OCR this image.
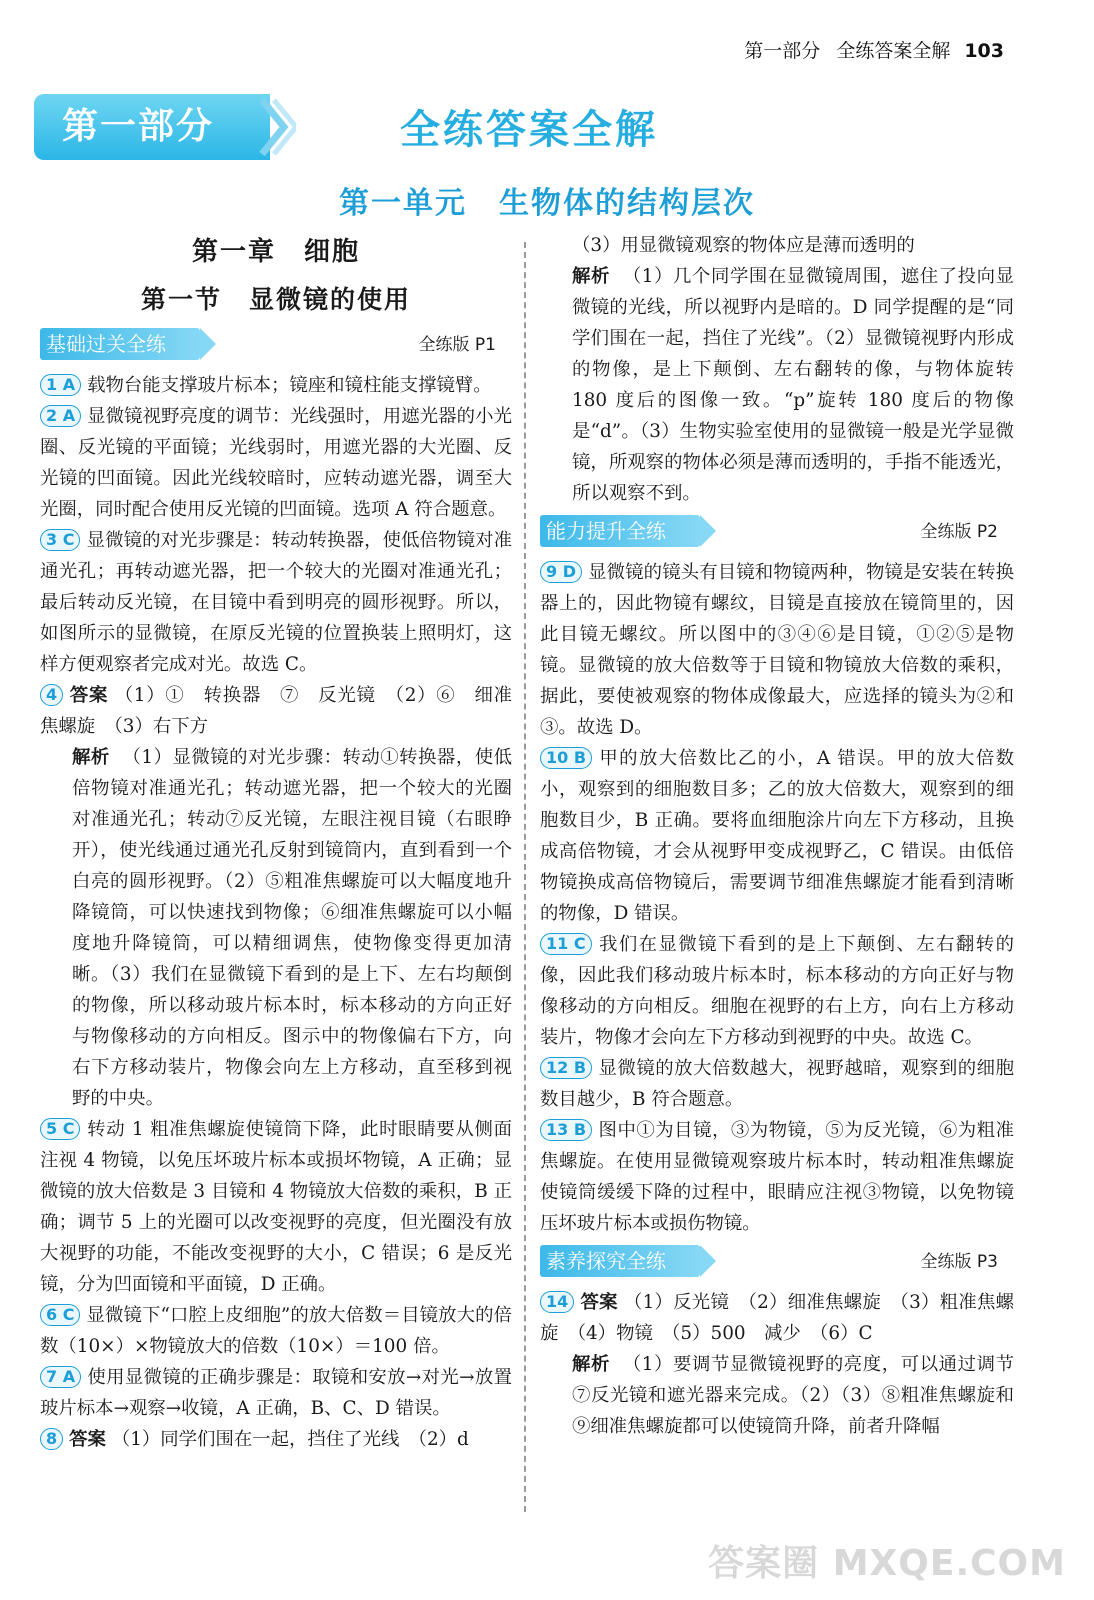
第一部分 全练答案全解 103
第一部分	全练答案全解
第一单元　生物体的结构层次
第一章　细胞
第一节　显微镜的使用
基础过关全练	全练版 P1
1 A 载物台能支撑玻片标本；镜座和镜柱能支撑镜臂。
2 A 显微镜视野亮度的调节：光线强时，用遮光器的小光圈、反光镜的平面镜；光线弱时，用遮光器的大光圈、反光镜的凹面镜。因此光线较暗时，应转动遮光器，调至大光圈，同时配合使用反光镜的凹面镜。选项 A 符合题意。
3 C 显微镜的对光步骤是：转动转换器，使低倍物镜对准通光孔；再转动遮光器，把一个较大的光圈对准通光孔；最后转动反光镜，在目镜中看到明亮的圆形视野。所以，如图所示的显微镜，在原反光镜的位置换装上照明灯，这样方便观察者完成对光。故选 C。
4 答案 （1）①　转换器　⑦　反光镜　（2）⑥　细准焦螺旋　（3）右下方
解析 （1）显微镜的对光步骤：转动①转换器，使低倍物镜对准通光孔；转动遮光器，把一个较大的光圈对准通光孔；转动⑦反光镜，左眼注视目镜（右眼睁开），使光线通过通光孔反射到镜筒内，直到看到一个白亮的圆形视野。（2）⑤粗准焦螺旋可以大幅度地升降镜筒，可以快速找到物像；⑥细准焦螺旋可以小幅度地升降镜筒，可以精细调焦，使物像变得更加清晰。（3）我们在显微镜下看到的是上下、左右均颠倒的物像，所以移动玻片标本时，标本移动的方向正好与物像移动的方向相反。图示中的物像偏右下方，向右下方移动装片，物像会向左上方移动，直至移到视野的中央。
5 C 转动 1 粗准焦螺旋使镜筒下降，此时眼睛要从侧面注视 4 物镜，以免压坏玻片标本或损坏物镜，A 正确；显微镜的放大倍数是 3 目镜和 4 物镜放大倍数的乘积，B 正确；调节 5 上的光圈可以改变视野的亮度，但光圈没有放大视野的功能，不能改变视野的大小，C 错误；6 是反光镜，分为凹面镜和平面镜，D 正确。
6 C 显微镜下“口腔上皮细胞”的放大倍数＝目镜放大的倍数（10×）×物镜放大的倍数（10×）＝100 倍。
7 A 使用显微镜的正确步骤是：取镜和安放→对光→放置玻片标本→观察→收镜，A 正确，B、C、D 错误。
8 答案 （1）同学们围在一起，挡住了光线　（2）d
（3）用显微镜观察的物体应是薄而透明的
解析 （1）几个同学围在显微镜周围，遮住了投向显微镜的光线，所以视野内是暗的。D 同学提醒的是“同学们围在一起，挡住了光线”。（2）显微镜视野内形成的物像，是上下颠倒、左右翻转的像，与物体旋转 180 度后的图像一致。“p”旋转 180 度后的物像是“d”。（3）生物实验室使用的显微镜一般是光学显微镜，所观察的物体必须是薄而透明的，手指不能透光，所以观察不到。
能力提升全练	全练版 P2
9 D 显微镜的镜头有目镜和物镜两种，物镜是安装在转换器上的，因此物镜有螺纹，目镜是直接放在镜筒里的，因此目镜无螺纹。所以图中的③④⑥是目镜，①②⑤是物镜。显微镜的放大倍数等于目镜和物镜放大倍数的乘积，据此，要使被观察的物体成像最大，应选择的镜头为②和③。故选 D。
10 B 甲的放大倍数比乙的小，A 错误。甲的放大倍数小，观察到的细胞数目多；乙的放大倍数大，观察到的细胞数目少，B 正确。要将血细胞涂片向左下方移动，且换成高倍物镜，才会从视野甲变成视野乙，C 错误。由低倍物镜换成高倍物镜后，需要调节细准焦螺旋才能看到清晰的物像，D 错误。
11 C 我们在显微镜下看到的是上下颠倒、左右翻转的像，因此我们移动玻片标本时，标本移动的方向正好与物像移动的方向相反。细胞在视野的右上方，向右上方移动装片，物像才会向左下方移动到视野的中央。故选 C。
12 B 显微镜的放大倍数越大，视野越暗，观察到的细胞数目越少，B 符合题意。
13 B 图中①为目镜，③为物镜，⑤为反光镜，⑥为粗准焦螺旋。在使用显微镜观察玻片标本时，转动粗准焦螺旋使镜筒缓缓下降的过程中，眼睛应注视③物镜，以免物镜压坏玻片标本或损伤物镜。
素养探究全练	全练版 P3
14 答案 （1）反光镜　（2）细准焦螺旋　（3）粗准焦螺旋　（4）物镜　（5）500　减少　（6）C
解析 （1）要调节显微镜视野的亮度，可以通过调节⑦反光镜和遮光器来完成。（2）（3）⑧粗准焦螺旋和⑨细准焦螺旋都可以使镜筒升降，前者升降幅
答案圈 MXQE.COM
